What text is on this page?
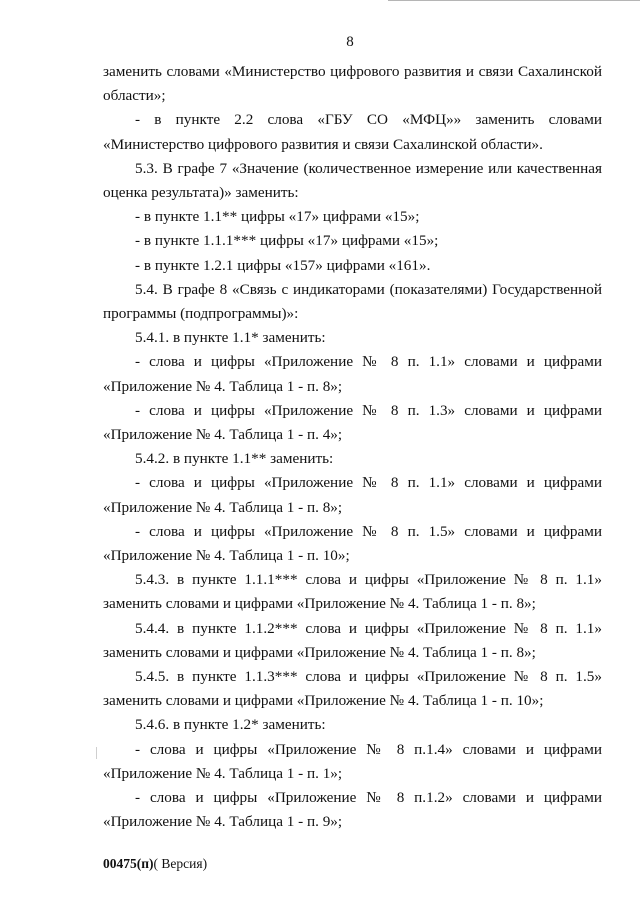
8

заменить словами «Министерство цифрового развития и связи Сахалинской области»;

- в пункте 2.2 слова «ГБУ СО «МФЦ»» заменить словами «Министерство цифрового развития и связи Сахалинской области».

5.3. В графе 7 «Значение (количественное измерение или качественная оценка результата)» заменить:

- в пункте 1.1** цифры «17» цифрами «15»;

- в пункте 1.1.1*** цифры «17» цифрами «15»;

- в пункте 1.2.1 цифры «157» цифрами «161».

5.4. В графе 8 «Связь с индикаторами (показателями) Государственной программы (подпрограммы)»:

5.4.1. в пункте 1.1* заменить:

- слова и цифры «Приложение № 8 п. 1.1» словами и цифрами «Приложение № 4. Таблица 1 - п. 8»;

- слова и цифры «Приложение № 8 п. 1.3» словами и цифрами «Приложение № 4. Таблица 1 - п. 4»;

5.4.2. в пункте 1.1** заменить:

- слова и цифры «Приложение № 8 п. 1.1» словами и цифрами «Приложение № 4. Таблица 1 - п. 8»;

- слова и цифры «Приложение № 8 п. 1.5» словами и цифрами «Приложение № 4. Таблица 1 - п. 10»;

5.4.3. в пункте 1.1.1*** слова и цифры «Приложение № 8 п. 1.1» заменить словами и цифрами «Приложение № 4. Таблица 1 - п. 8»;

5.4.4. в пункте 1.1.2*** слова и цифры «Приложение № 8 п. 1.1» заменить словами и цифрами «Приложение № 4. Таблица 1 - п. 8»;

5.4.5. в пункте 1.1.3*** слова и цифры «Приложение № 8 п. 1.5» заменить словами и цифрами «Приложение № 4. Таблица 1 - п. 10»;

5.4.6. в пункте 1.2* заменить:

- слова и цифры «Приложение № 8 п.1.4» словами и цифрами «Приложение № 4. Таблица 1 - п. 1»;

- слова и цифры «Приложение № 8 п.1.2» словами и цифрами «Приложение № 4. Таблица 1 - п. 9»;

00475(п)( Версия)
